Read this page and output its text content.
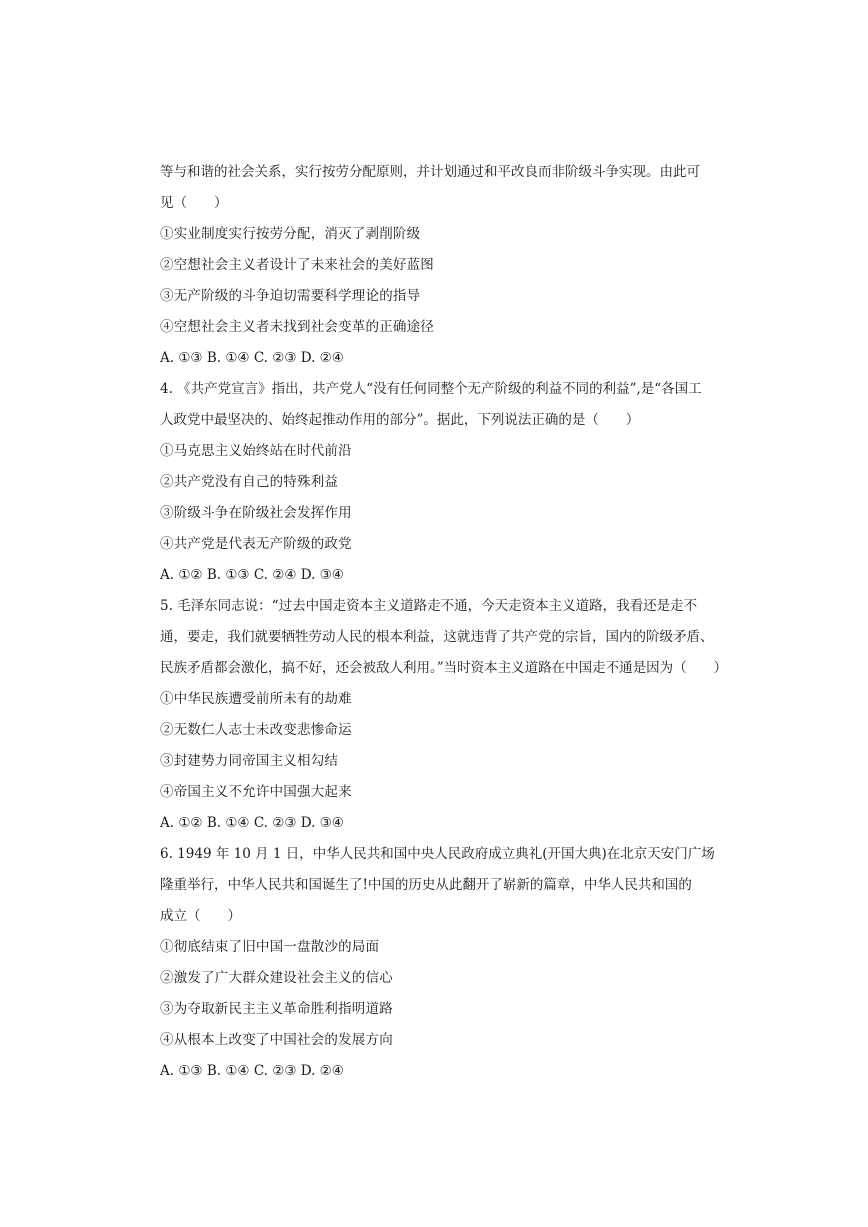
等与和谐的社会关系，实行按劳分配原则，并计划通过和平改良而非阶级斗争实现。由此可
见（　　）
①实业制度实行按劳分配，消灭了剥削阶级
②空想社会主义者设计了未来社会的美好蓝图
③无产阶级的斗争迫切需要科学理论的指导
④空想社会主义者未找到社会变革的正确途径
A. ①③ B. ①④ C. ②③ D. ②④
4. 《共产党宣言》指出，共产党人“没有任何同整个无产阶级的利益不同的利益”,是“各国工
人政党中最坚决的、始终起推动作用的部分”。据此，下列说法正确的是（　　）
①马克思主义始终站在时代前沿
②共产党没有自己的特殊利益
③阶级斗争在阶级社会发挥作用
④共产党是代表无产阶级的政党
A. ①② B. ①③ C. ②④ D. ③④
5. 毛泽东同志说：“过去中国走资本主义道路走不通，今天走资本主义道路，我看还是走不
通，要走，我们就要牺牲劳动人民的根本利益，这就违背了共产党的宗旨，国内的阶级矛盾、
民族矛盾都会激化，搞不好，还会被敌人利用。”当时资本主义道路在中国走不通是因为（　　）
①中华民族遭受前所未有的劫难
②无数仁人志士未改变悲惨命运
③封建势力同帝国主义相勾结
④帝国主义不允许中国强大起来
A. ①② B. ①④ C. ②③ D. ③④
6. 1949 年 10 月 1 日，中华人民共和国中央人民政府成立典礼(开国大典)在北京天安门广场
隆重举行，中华人民共和国诞生了!中国的历史从此翻开了崭新的篇章，中华人民共和国的
成立（　　）
①彻底结束了旧中国一盘散沙的局面
②激发了广大群众建设社会主义的信心
③为夺取新民主主义革命胜利指明道路
④从根本上改变了中国社会的发展方向
A. ①③ B. ①④ C. ②③ D. ②④
